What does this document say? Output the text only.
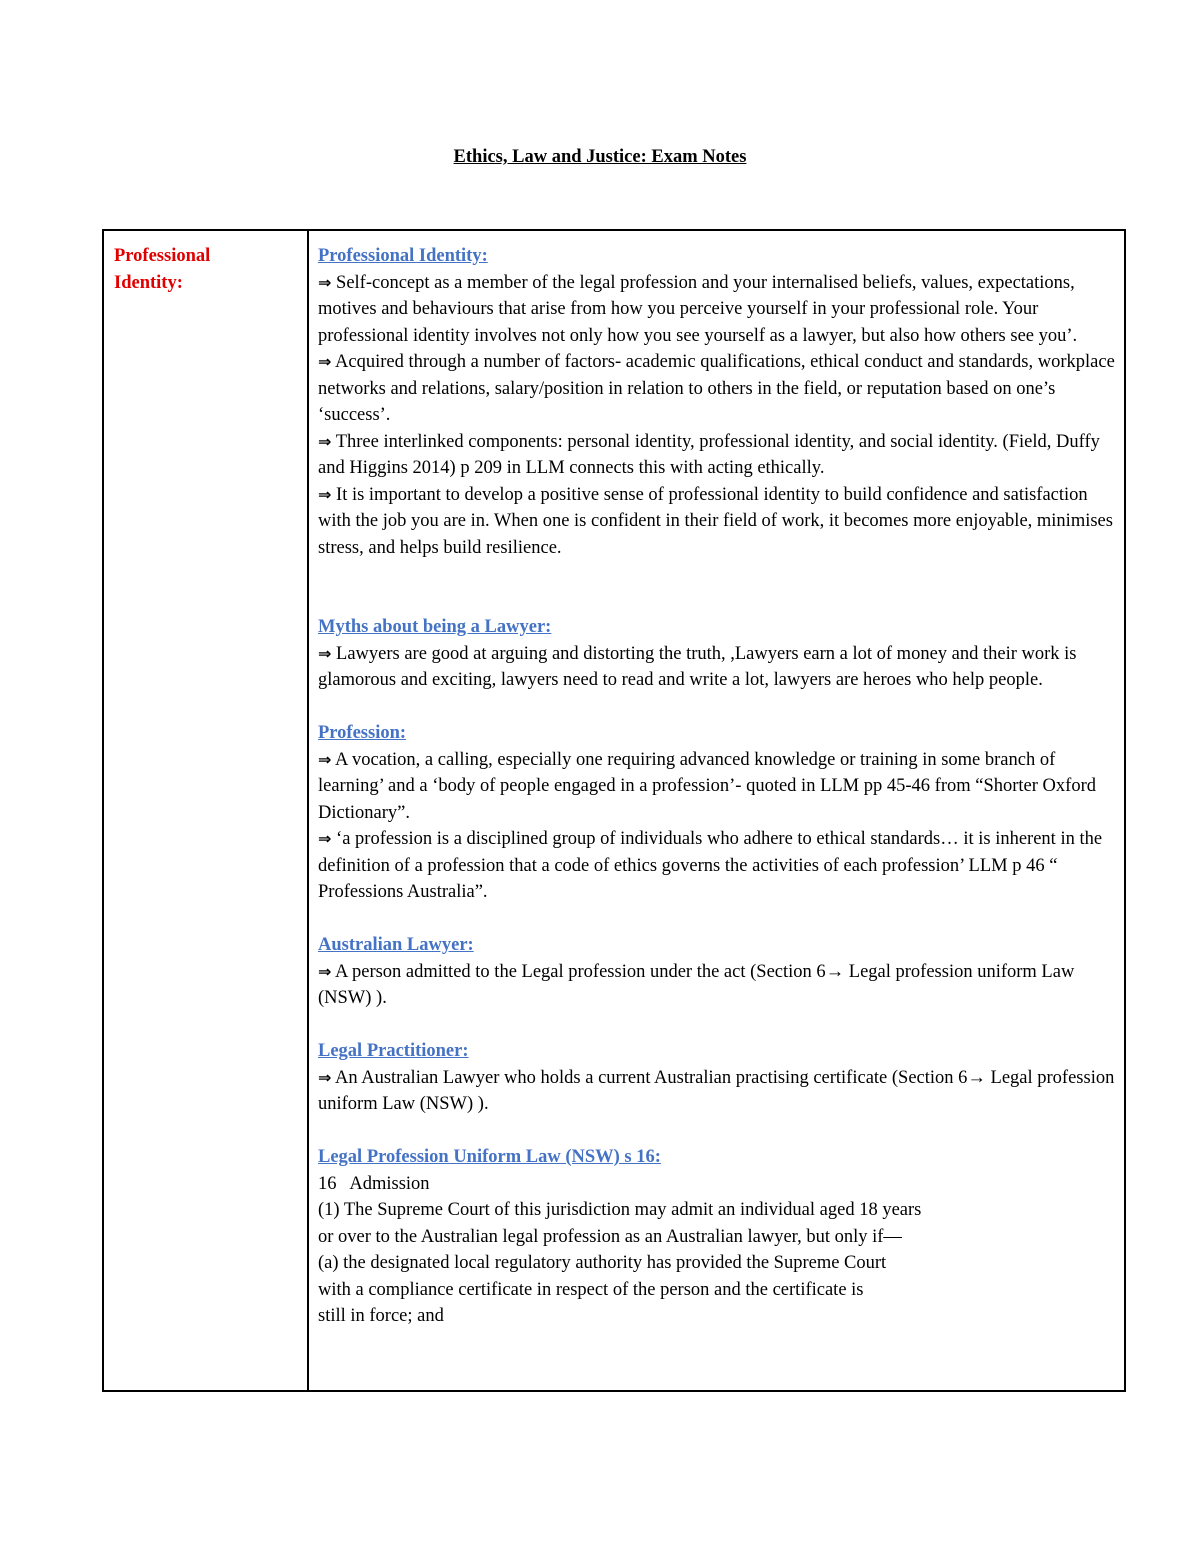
Ethics, Law and Justice: Exam Notes
Professional Identity:
Professional Identity:
⇒ Self-concept as a member of the legal profession and your internalised beliefs, values, expectations, motives and behaviours that arise from how you perceive yourself in your professional role. Your professional identity involves not only how you see yourself as a lawyer, but also how others see you’.
⇒ Acquired through a number of factors- academic qualifications, ethical conduct and standards, workplace networks and relations, salary/position in relation to others in the field, or reputation based on one’s ‘success’.
⇒ Three interlinked components: personal identity, professional identity, and social identity. (Field, Duffy and Higgins 2014) p 209 in LLM connects this with acting ethically.
⇒ It is important to develop a positive sense of professional identity to build confidence and satisfaction with the job you are in. When one is confident in their field of work, it becomes more enjoyable, minimises stress, and helps build resilience.
Myths about being a Lawyer:
⇒ Lawyers are good at arguing and distorting the truth, ,Lawyers earn a lot of money and their work is glamorous and exciting, lawyers need to read and write a lot, lawyers are heroes who help people.
Profession:
⇒ A vocation, a calling, especially one requiring advanced knowledge or training in some branch of learning’ and a ‘body of people engaged in a profession’- quoted in LLM pp 45-46 from “Shorter Oxford Dictionary”.
⇒ ‘a profession is a disciplined group of individuals who adhere to ethical standards… it is inherent in the definition of a profession that a code of ethics governs the activities of each profession’ LLM p 46 “ Professions Australia”.
Australian Lawyer:
⇒ A person admitted to the Legal profession under the act (Section 6→ Legal profession uniform Law (NSW) ).
Legal Practitioner:
⇒ An Australian Lawyer who holds a current Australian practising certificate (Section 6→ Legal profession uniform Law (NSW) ).
Legal Profession Uniform Law (NSW) s 16:
16   Admission
(1) The Supreme Court of this jurisdiction may admit an individual aged 18 years
or over to the Australian legal profession as an Australian lawyer, but only if—
(a) the designated local regulatory authority has provided the Supreme Court
with a compliance certificate in respect of the person and the certificate is
still in force; and
